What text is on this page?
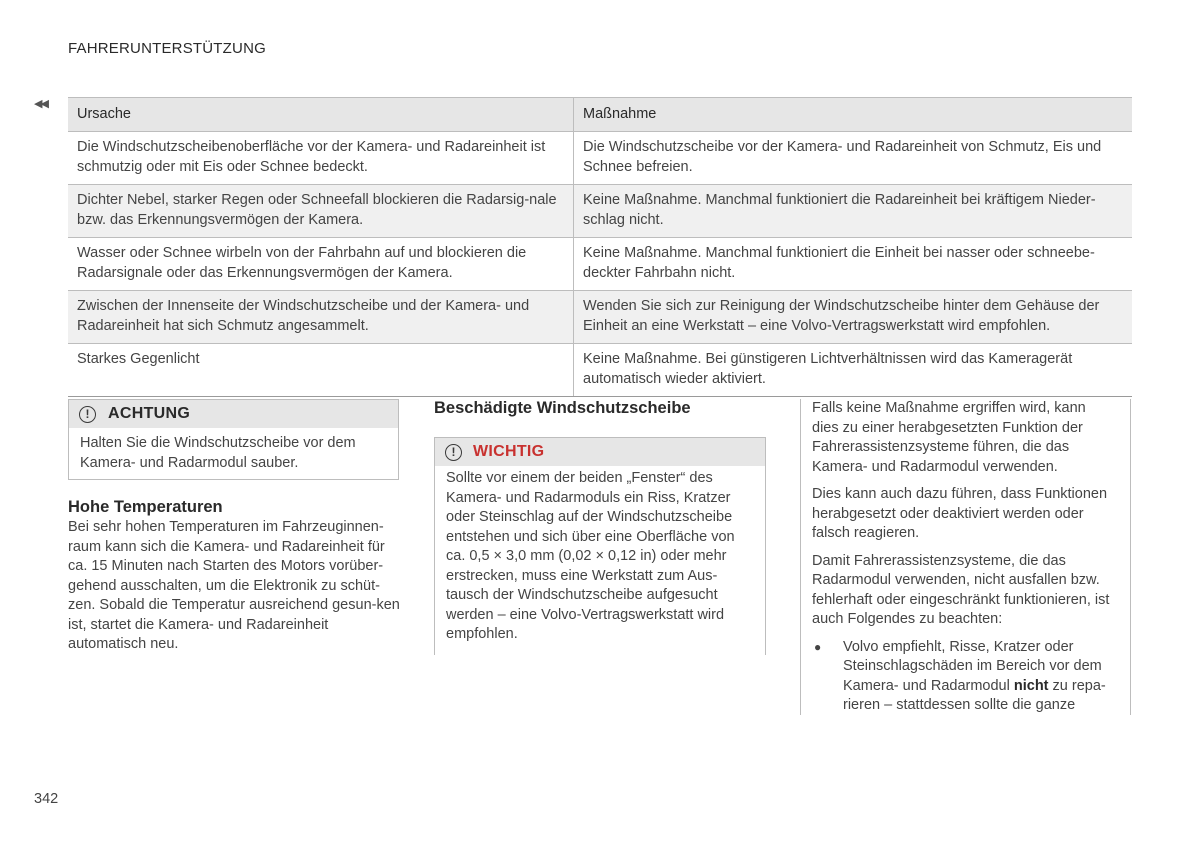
FAHRERUNTERSTÜTZUNG
◀◀
Ursache	Maßnahme
Die Windschutzscheibenoberfläche vor der Kamera- und Radareinheit ist schmutzig oder mit Eis oder Schnee bedeckt.	Die Windschutzscheibe vor der Kamera- und Radareinheit von Schmutz, Eis und Schnee befreien.
Dichter Nebel, starker Regen oder Schneefall blockieren die Radarsig-nale bzw. das Erkennungsvermögen der Kamera.	Keine Maßnahme. Manchmal funktioniert die Radareinheit bei kräftigem Nieder-schlag nicht.
Wasser oder Schnee wirbeln von der Fahrbahn auf und blockieren die Radarsignale oder das Erkennungsvermögen der Kamera.	Keine Maßnahme. Manchmal funktioniert die Einheit bei nasser oder schneebe-deckter Fahrbahn nicht.
Zwischen der Innenseite der Windschutzscheibe und der Kamera- und Radareinheit hat sich Schmutz angesammelt.	Wenden Sie sich zur Reinigung der Windschutzscheibe hinter dem Gehäuse der Einheit an eine Werkstatt – eine Volvo-Vertragswerkstatt wird empfohlen.
Starkes Gegenlicht	Keine Maßnahme. Bei günstigeren Lichtverhältnissen wird das Kameragerät automatisch wieder aktiviert.
!	ACHTUNG
Halten Sie die Windschutzscheibe vor dem Kamera- und Radarmodul sauber.
Hohe Temperaturen

Bei sehr hohen Temperaturen im Fahrzeuginnen-raum kann sich die Kamera- und Radareinheit für ca. 15 Minuten nach Starten des Motors vorüber-gehend ausschalten, um die Elektronik zu schüt-zen. Sobald die Temperatur ausreichend gesun-ken ist, startet die Kamera- und Radareinheit automatisch neu.

Beschädigte Windschutzscheibe
!	WICHTIG
Sollte vor einem der beiden „Fenster“ des Kamera- und Radarmoduls ein Riss, Kratzer oder Steinschlag auf der Windschutzscheibe entstehen und sich über eine Oberfläche von ca. 0,5 × 3,0 mm (0,02 × 0,12 in) oder mehr erstrecken, muss eine Werkstatt zum Aus-tausch der Windschutzscheibe aufgesucht werden – eine Volvo-Vertragswerkstatt wird empfohlen.

Falls keine Maßnahme ergriffen wird, kann dies zu einer herabgesetzten Funktion der Fahrerassistenzsysteme führen, die das Kamera- und Radarmodul verwenden.

Dies kann auch dazu führen, dass Funktionen herabgesetzt oder deaktiviert werden oder falsch reagieren.

Damit Fahrerassistenzsysteme, die das Radarmodul verwenden, nicht ausfallen bzw. fehlerhaft oder eingeschränkt funktionieren, ist auch Folgendes zu beachten:

●	Volvo empfiehlt, Risse, Kratzer oder Steinschlagschäden im Bereich vor dem Kamera- und Radarmodul nicht zu repa-rieren – stattdessen sollte die ganze
342
